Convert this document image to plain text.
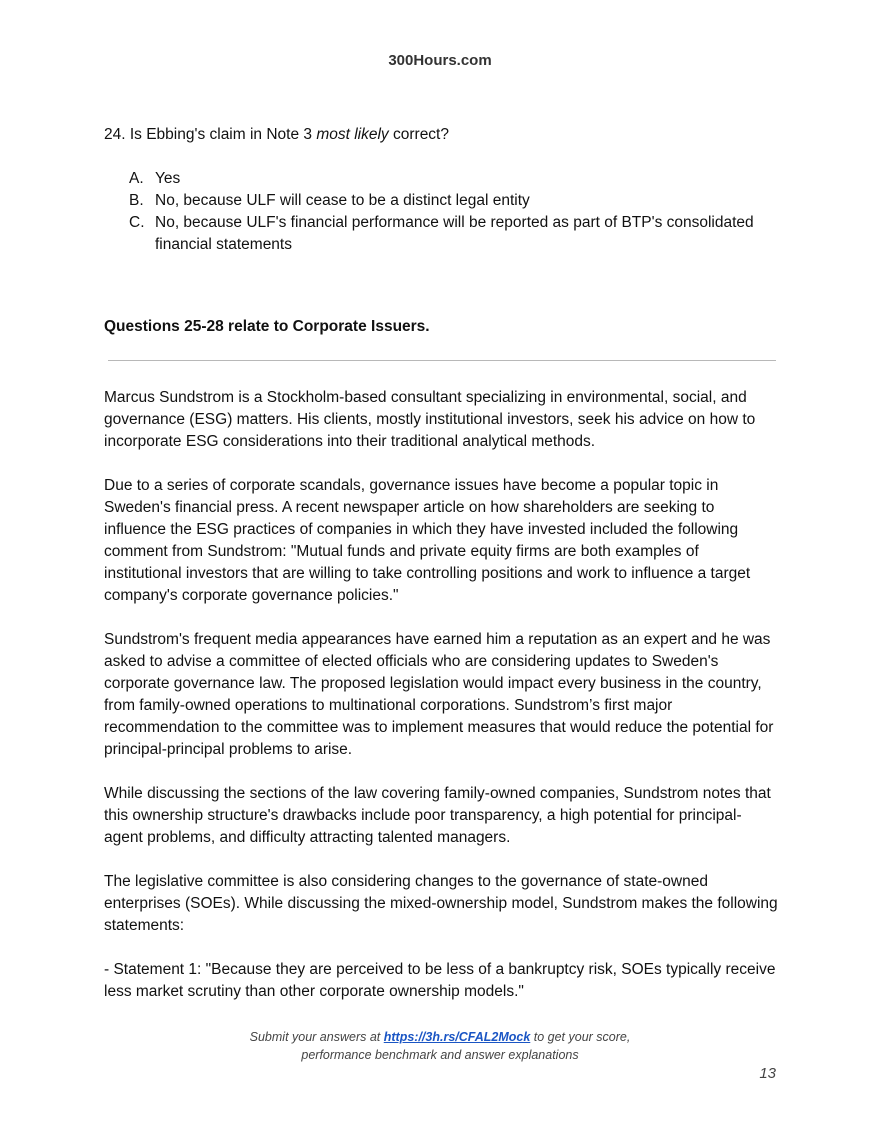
300Hours.com

24. Is Ebbing's claim in Note 3 most likely correct?

A. Yes
B. No, because ULF will cease to be a distinct legal entity
C. No, because ULF's financial performance will be reported as part of BTP's consolidated financial statements

Questions 25-28 relate to Corporate Issuers.

Marcus Sundstrom is a Stockholm-based consultant specializing in environmental, social, and governance (ESG) matters. His clients, mostly institutional investors, seek his advice on how to incorporate ESG considerations into their traditional analytical methods.

Due to a series of corporate scandals, governance issues have become a popular topic in Sweden's financial press. A recent newspaper article on how shareholders are seeking to influence the ESG practices of companies in which they have invested included the following comment from Sundstrom: "Mutual funds and private equity firms are both examples of institutional investors that are willing to take controlling positions and work to influence a target company's corporate governance policies."

Sundstrom's frequent media appearances have earned him a reputation as an expert and he was asked to advise a committee of elected officials who are considering updates to Sweden's corporate governance law. The proposed legislation would impact every business in the country, from family-owned operations to multinational corporations. Sundstrom’s first major recommendation to the committee was to implement measures that would reduce the potential for principal-principal problems to arise.

While discussing the sections of the law covering family-owned companies, Sundstrom notes that this ownership structure's drawbacks include poor transparency, a high potential for principal-agent problems, and difficulty attracting talented managers.

The legislative committee is also considering changes to the governance of state-owned enterprises (SOEs). While discussing the mixed-ownership model, Sundstrom makes the following statements:

- Statement 1: "Because they are perceived to be less of a bankruptcy risk, SOEs typically receive less market scrutiny than other corporate ownership models."

Submit your answers at https://3h.rs/CFAL2Mock to get your score,
performance benchmark and answer explanations
13
